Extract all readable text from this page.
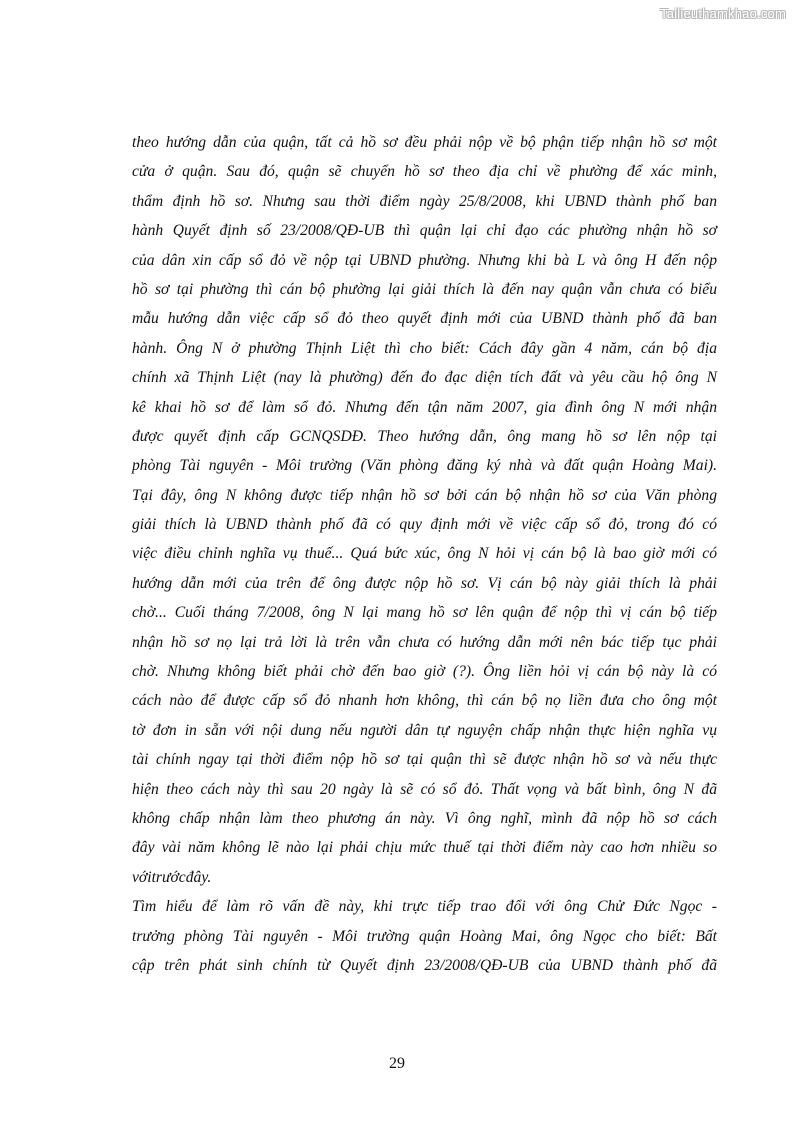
Tailieuthamkhao.com
theo hướng dẫn của quận, tất cả hồ sơ đều phải nộp về bộ phận tiếp nhận hồ sơ một
cửa ở quận. Sau đó, quận sẽ chuyển hồ sơ theo địa chỉ về phường để xác minh,
thẩm định hồ sơ. Nhưng sau thời điểm ngày 25/8/2008, khi UBND thành phố ban
hành Quyết định số 23/2008/QĐ-UB thì quận lại chỉ đạo các phường nhận hồ sơ
của dân xin cấp sổ đỏ về nộp tại UBND phường. Nhưng khi bà L và ông H đến nộp
hồ sơ tại phường thì cán bộ phường lại giải thích là đến nay quận vẫn chưa có biểu
mẫu hướng dẫn việc cấp sổ đỏ theo quyết định mới của UBND thành phố đã ban
hành. Ông N ở phường Thịnh Liệt thì cho biết: Cách đây gần 4 năm, cán bộ địa
chính xã Thịnh Liệt (nay là phường) đến đo đạc diện tích đất và yêu cầu hộ ông N
kê khai hồ sơ để làm sổ đỏ. Nhưng đến tận năm 2007, gia đình ông N mới nhận
được quyết định cấp GCNQSDĐ. Theo hướng dẫn, ông mang hồ sơ lên nộp tại
phòng Tài nguyên - Môi trường (Văn phòng đăng ký nhà và đất quận Hoàng Mai).
Tại đây, ông N không được tiếp nhận hồ sơ bởi cán bộ nhận hồ sơ của Văn phòng
giải thích là UBND thành phố đã có quy định mới về việc cấp sổ đỏ, trong đó có
việc điều chỉnh nghĩa vụ thuế... Quá bức xúc, ông N hỏi vị cán bộ là bao giờ mới có
hướng dẫn mới của trên để ông được nộp hồ sơ. Vị cán bộ này giải thích là phải
chờ... Cuối tháng 7/2008, ông N lại mang hồ sơ lên quận để nộp thì vị cán bộ tiếp
nhận hồ sơ nọ lại trả lời là trên vẫn chưa có hướng dẫn mới nên bác tiếp tục phải
chờ. Nhưng không biết phải chờ đến bao giờ (?). Ông liền hỏi vị cán bộ này là có
cách nào để được cấp sổ đỏ nhanh hơn không, thì cán bộ nọ liền đưa cho ông một
tờ đơn in sẵn với nội dung nếu người dân tự nguyện chấp nhận thực hiện nghĩa vụ
tài chính ngay tại thời điểm nộp hồ sơ tại quận thì sẽ được nhận hồ sơ và nếu thực
hiện theo cách này thì sau 20 ngày là sẽ có sổ đỏ. Thất vọng và bất bình, ông N đã
không chấp nhận làm theo phương án này. Vì ông nghĩ, mình đã nộp hồ sơ cách
đây vài năm không lẽ nào lại phải chịu mức thuế tại thời điểm này cao hơn nhiều so
vớitrướcđây.
Tìm hiểu để làm rõ vấn đề này, khi trực tiếp trao đổi với ông Chử Đức Ngọc -
trưởng phòng Tài nguyên - Môi trường quận Hoàng Mai, ông Ngọc cho biết: Bất
cập trên phát sinh chính từ Quyết định 23/2008/QĐ-UB của UBND thành phố đã
29
